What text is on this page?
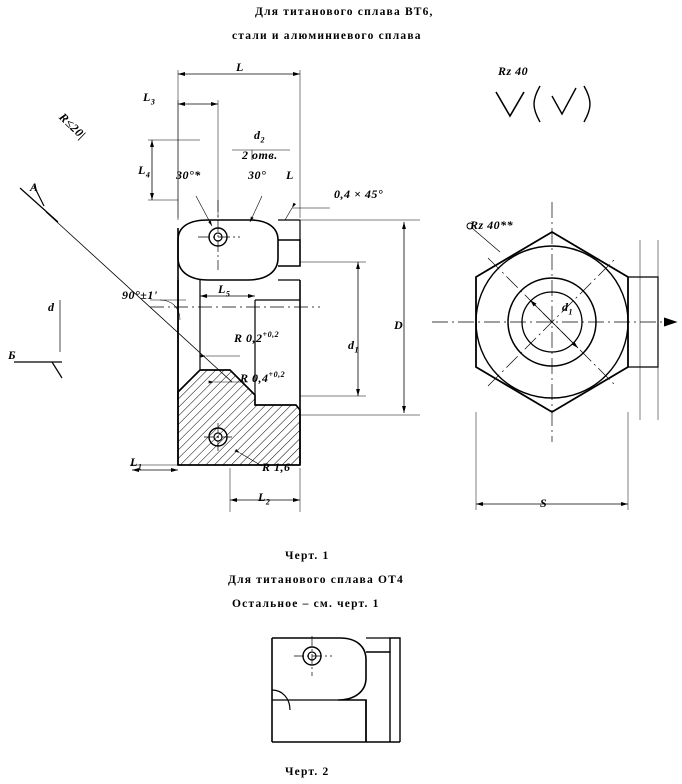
Для титанового сплава ВТ6,
стали и алюминиевого сплава
Rz 40
L
$L_3$
$L_4$
$d_2$
2 отв.
30°*	30° L
0,4 × 45°
$L_5$
90°±1'
R≤20|
А
Б
d
R $0,2^{+0,2}$
R $0,4^{+0,2}$
R 1,6
$L_1$
$L_2$
$d_1$
D
Rz 40**
$d_1$
S
Черт. 1
Для титанового сплава ОТ4
Остальное – см. черт. 1
Черт. 2
